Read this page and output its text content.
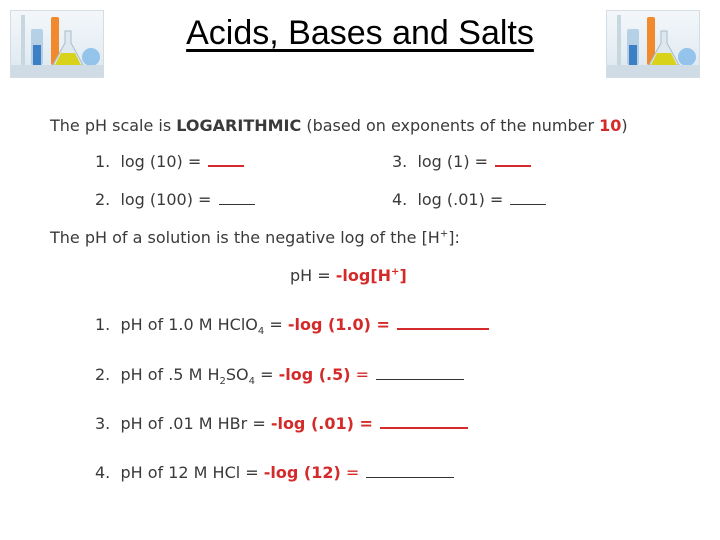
Acids, Bases and Salts
The pH scale is LOGARITHMIC (based on exponents of the number 10)
1. log (10) =
2. log (100) =
3. log (1) =
4. log (.01) =
The pH of a solution is the negative log of the [H+]:
pH = -log[H+]
1. pH of 1.0 M HClO$_4$ = -log (1.0) =
2. pH of .5 M $H_2SO_4 = -\log$ (.5) =
3. pH of .01 M HBr = -log (.01) =
4. pH of 12 M HCl = -log (12) =
